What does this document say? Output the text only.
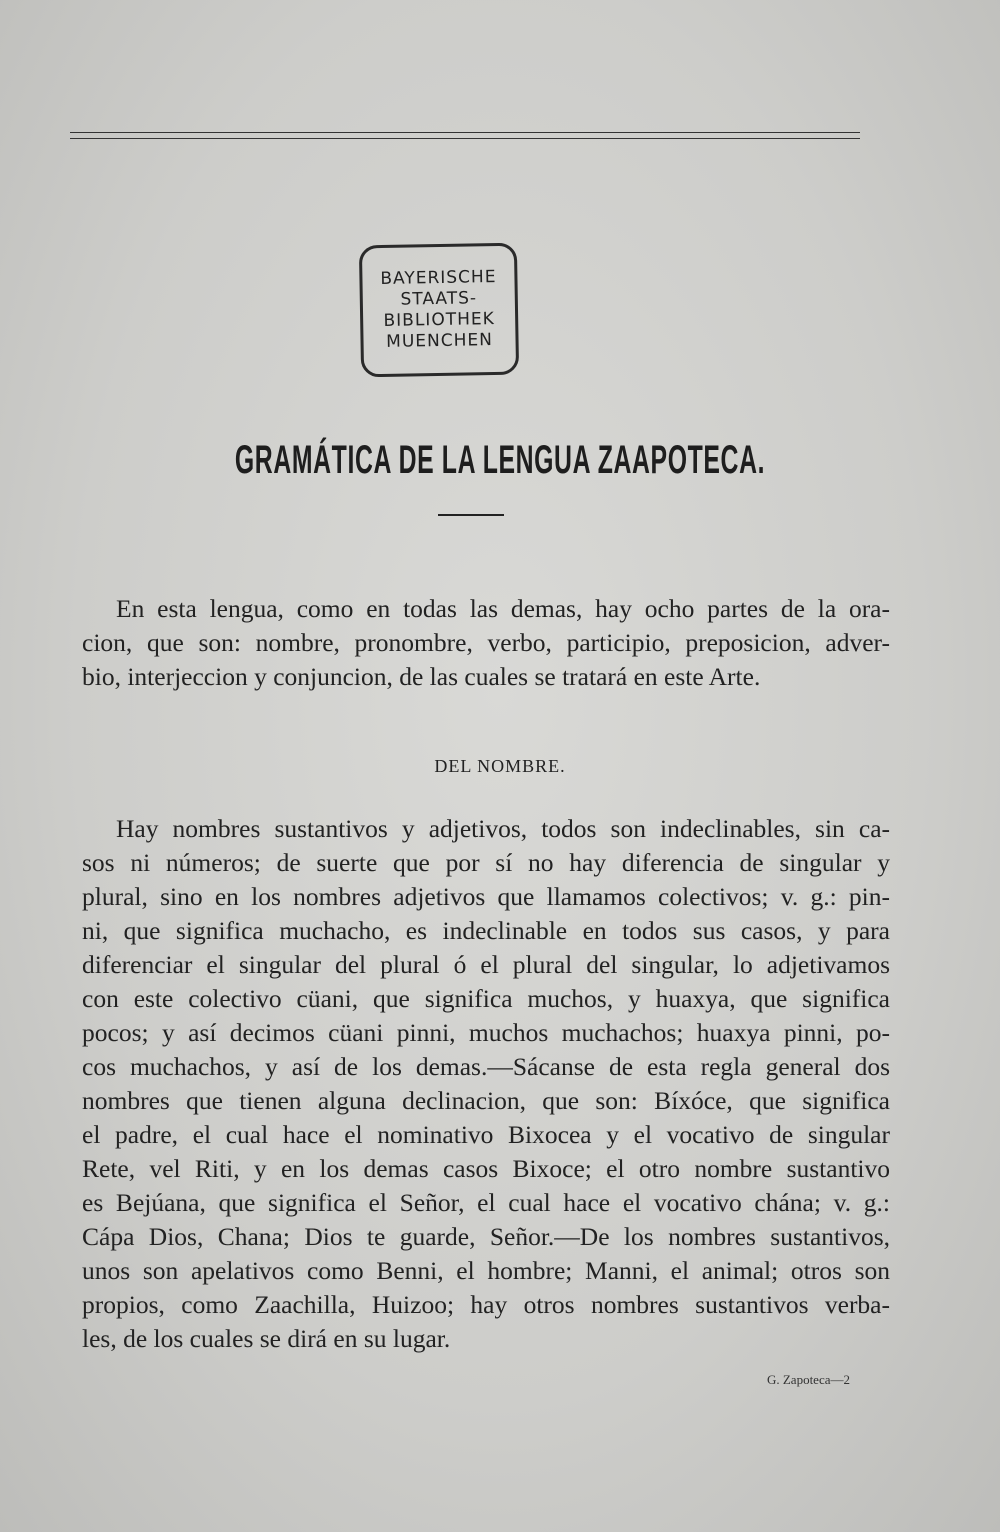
BAYERISCHE
STAATS-
BIBLIOTHEK
MUENCHEN
GRAMÁTICA DE LA LENGUA ZAAPOTECA.
En esta lengua, como en todas las demas, hay ocho partes de la ora-
cion, que son: nombre, pronombre, verbo, participio, preposicion, adver-
bio, interjeccion y conjuncion, de las cuales se tratará en este Arte.
DEL NOMBRE.
Hay nombres sustantivos y adjetivos, todos son indeclinables, sin ca-
sos ni números; de suerte que por sí no hay diferencia de singular y
plural, sino en los nombres adjetivos que llamamos colectivos; v. g.: pin-
ni, que significa muchacho, es indeclinable en todos sus casos, y para
diferenciar el singular del plural ó el plural del singular, lo adjetivamos
con este colectivo cüani, que significa muchos, y huaxya, que significa
pocos; y así decimos cüani pinni, muchos muchachos; huaxya pinni, po-
cos muchachos, y así de los demas.—Sácanse de esta regla general dos
nombres que tienen alguna declinacion, que son: Bíxóce, que significa
el padre, el cual hace el nominativo Bixocea y el vocativo de singular
Rete, vel Riti, y en los demas casos Bixoce; el otro nombre sustantivo
es Bejúana, que significa el Señor, el cual hace el vocativo chána; v. g.:
Cápa Dios, Chana; Dios te guarde, Señor.—De los nombres sustantivos,
unos son apelativos como Benni, el hombre; Manni, el animal; otros son
propios, como Zaachilla, Huizoo; hay otros nombres sustantivos verba-
les, de los cuales se dirá en su lugar.
G. Zapoteca—2
